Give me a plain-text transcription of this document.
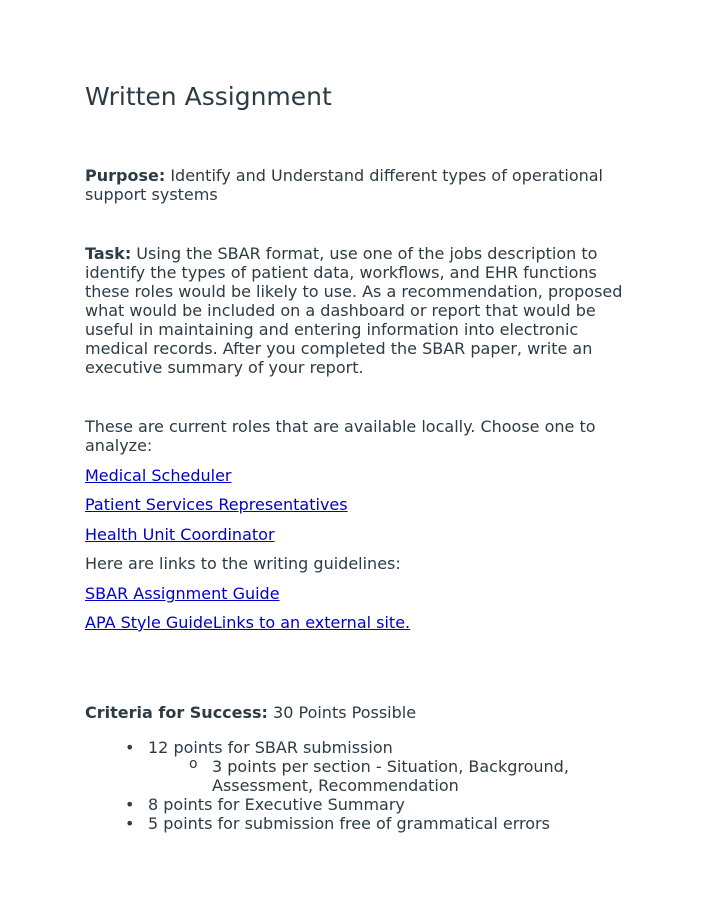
Written Assignment

Purpose: Identify and Understand different types of operational support systems

Task: Using the SBAR format, use one of the jobs description to identify the types of patient data, workflows, and EHR functions these roles would be likely to use. As a recommendation, proposed what would be included on a dashboard or report that would be useful in maintaining and entering information into electronic medical records. After you completed the SBAR paper, write an executive summary of your report.

These are current roles that are available locally. Choose one to analyze:

Medical Scheduler
Patient Services Representatives
Health Unit Coordinator

Here are links to the writing guidelines:

SBAR Assignment Guide
APA Style GuideLinks to an external site.

Criteria for Success: 30 Points Possible

• 12 points for SBAR submission
o 3 points per section - Situation, Background, Assessment, Recommendation
• 8 points for Executive Summary
• 5 points for submission free of grammatical errors
